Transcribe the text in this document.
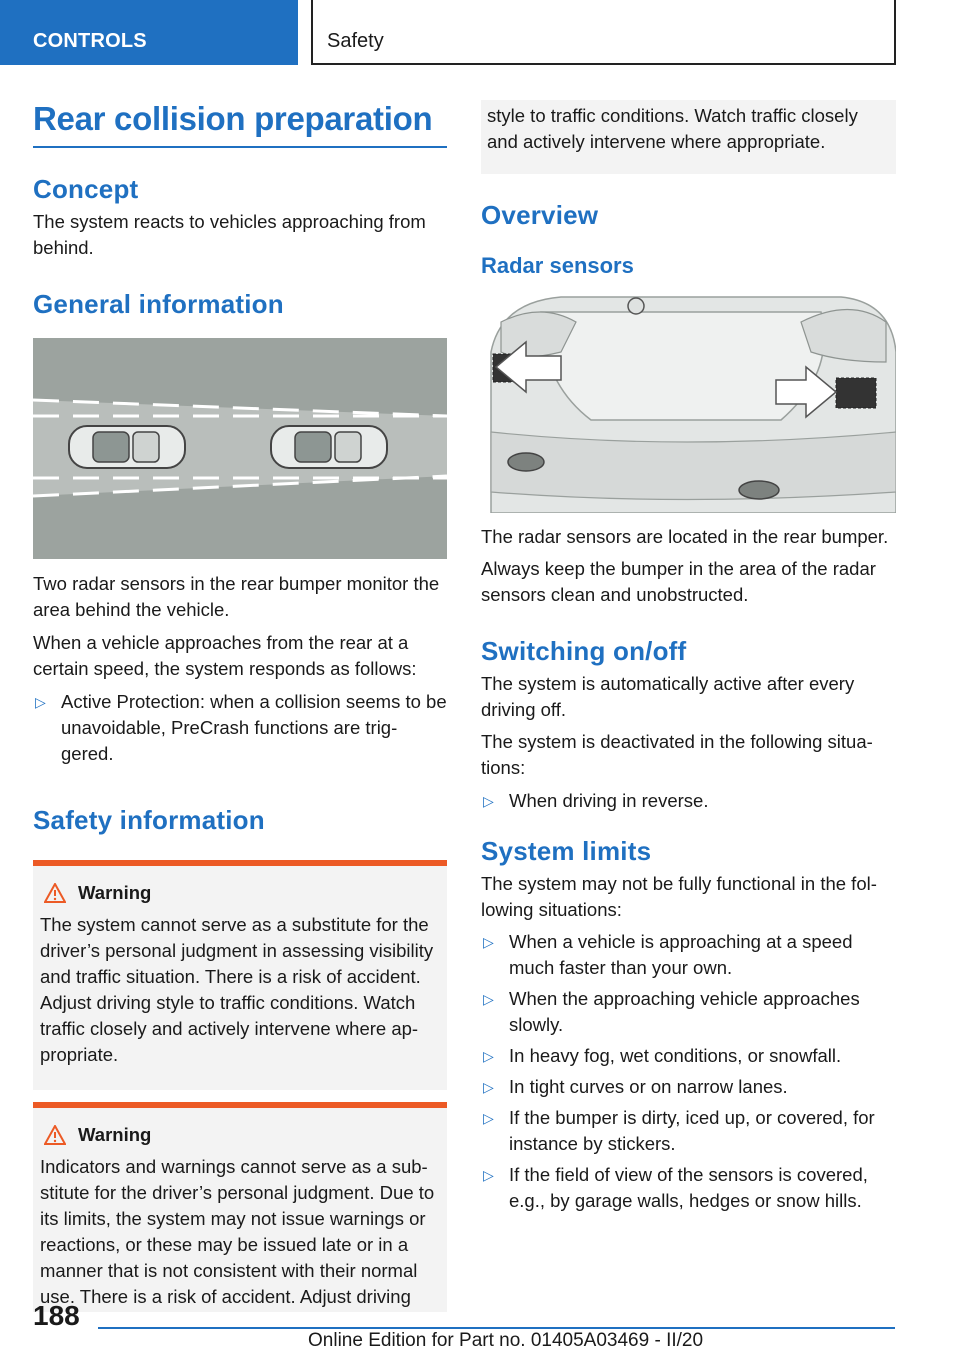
CONTROLS	Safety
Rear collision preparation
Concept

The system reacts to vehicles approaching from behind.

General information

Two radar sensors in the rear bumper monitor the area behind the vehicle.

When a vehicle approaches from the rear at a certain speed, the system responds as follows:

▷ Active Protection: when a collision seems to be unavoidable, PreCrash functions are trig-gered.
Safety information
Warning

The system cannot serve as a substitute for the driver’s personal judgment in assessing visibility and traffic situation. There is a risk of accident. Adjust driving style to traffic conditions. Watch traffic closely and actively intervene where ap-propriate.

Warning

Indicators and warnings cannot serve as a sub-stitute for the driver’s personal judgment. Due to its limits, the system may not issue warnings or reactions, or these may be issued late or in a manner that is not consistent with their normal use. There is a risk of accident. Adjust driving

style to traffic conditions. Watch traffic closely and actively intervene where appropriate.

Overview
Radar sensors

The radar sensors are located in the rear bumper.

Always keep the bumper in the area of the radar sensors clean and unobstructed.

Switching on/off

The system is automatically active after every driving off.

The system is deactivated in the following situa-tions:

▷ When driving in reverse.
System limits

The system may not be fully functional in the fol-lowing situations:

▷ When a vehicle is approaching at a speed much faster than your own.
▷ When the approaching vehicle approaches slowly.
▷ In heavy fog, wet conditions, or snowfall.
▷ In tight curves or on narrow lanes.
▷ If the bumper is dirty, iced up, or covered, for instance by stickers.
▷ If the field of view of the sensors is covered, e.g., by garage walls, hedges or snow hills.
188
Online Edition for Part no. 01405A03469 - II/20
